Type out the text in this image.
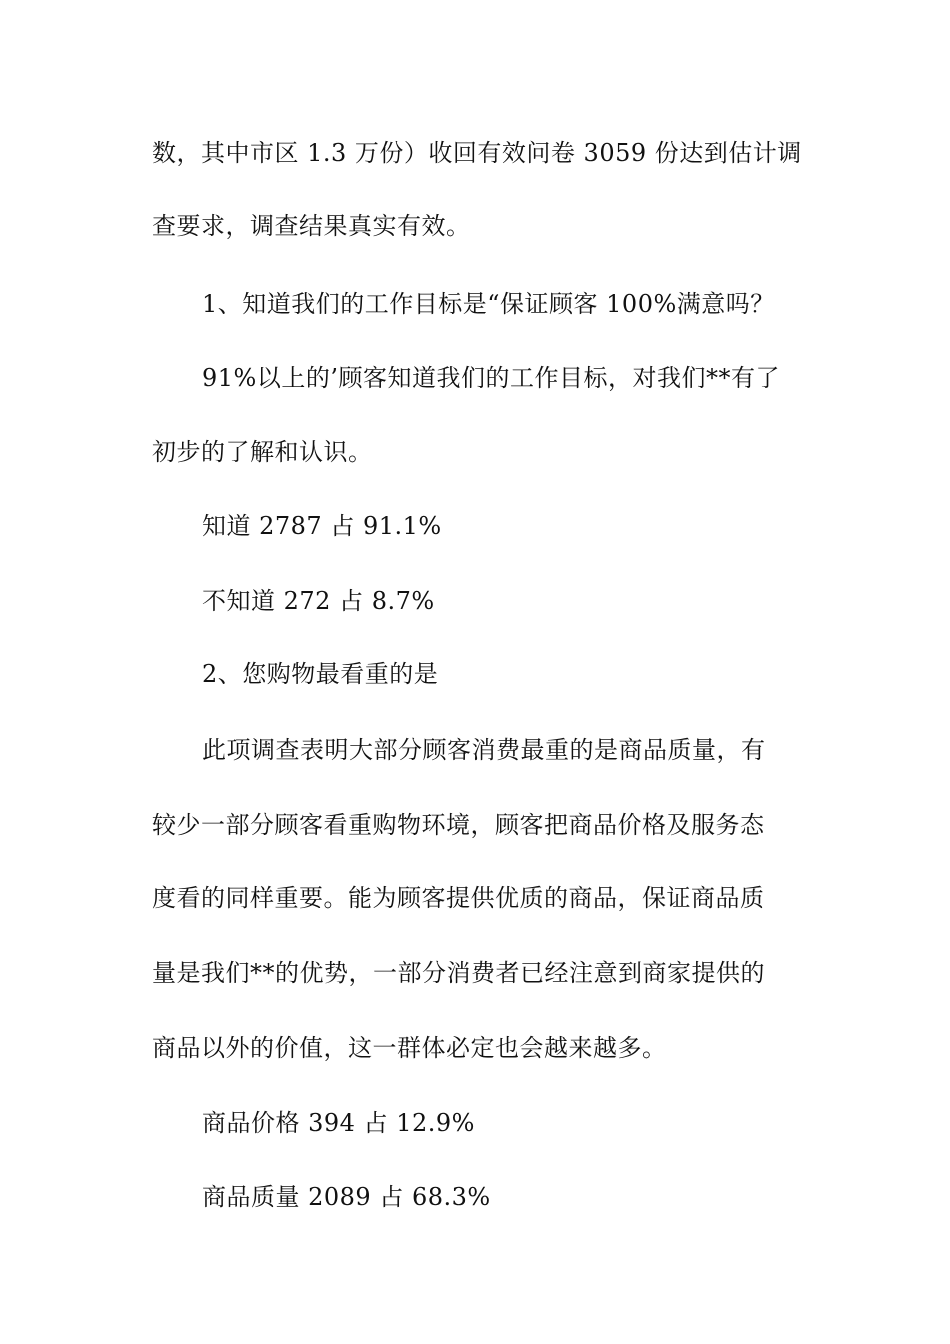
数，其中市区 1.3 万份）收回有效问卷 3059 份达到估计调
查要求，调查结果真实有效。
1、知道我们的工作目标是“保证顾客 100%满意吗？
91%以上的’顾客知道我们的工作目标，对我们**有了
初步的了解和认识。
知道 2787 占 91.1%
不知道 272 占 8.7%
2、您购物最看重的是
此项调查表明大部分顾客消费最重的是商品质量，有
较少一部分顾客看重购物环境，顾客把商品价格及服务态
度看的同样重要。能为顾客提供优质的商品，保证商品质
量是我们**的优势，一部分消费者已经注意到商家提供的
商品以外的价值，这一群体必定也会越来越多。
商品价格 394 占 12.9%
商品质量 2089 占 68.3%
